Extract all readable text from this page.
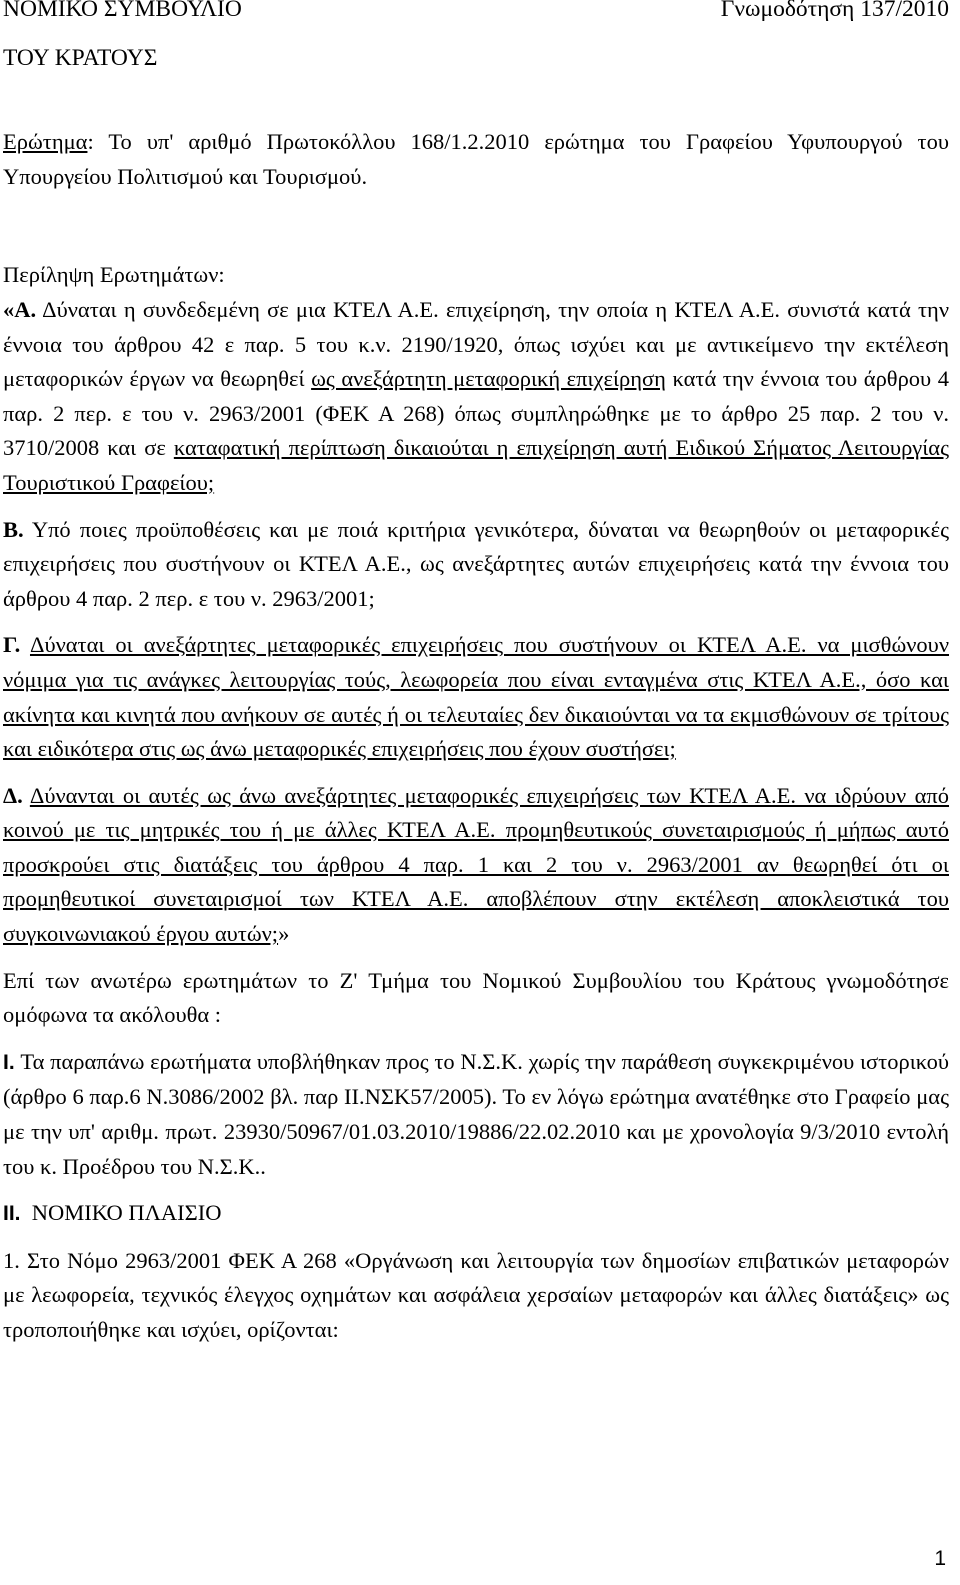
ΝΟΜΙΚΟ ΣΥΜΒΟΥΛΙΟ	Γνωμοδότηση 137/2010
ΤΟΥ ΚΡΑΤΟΥΣ

Ερώτημα: Το υπ' αριθμό Πρωτοκόλλου 168/1.2.2010 ερώτημα του Γραφείου Υφυπουργού του Υπουργείου Πολιτισμού και Τουρισμού.

Περίληψη Ερωτημάτων:

«Α. Δύναται η συνδεδεμένη σε μια ΚΤΕΛ Α.Ε. επιχείρηση, την οποία η ΚΤΕΛ Α.Ε. συνιστά κατά την έννοια του άρθρου 42 ε παρ. 5 του κ.ν. 2190/1920, όπως ισχύει και με αντικείμενο την εκτέλεση μεταφορικών έργων να θεωρηθεί ως ανεξάρτητη μεταφορική επιχείρηση κατά την έννοια του άρθρου 4 παρ. 2 περ. ε του ν. 2963/2001 (ΦΕΚ Α 268) όπως συμπληρώθηκε με το άρθρο 25 παρ. 2 του ν. 3710/2008 και σε καταφατική περίπτωση δικαιούται η επιχείρηση αυτή Ειδικού Σήματος Λειτουργίας Τουριστικού Γραφείου;

Β. Υπό ποιες προϋποθέσεις και με ποιά κριτήρια γενικότερα, δύναται να θεωρηθούν οι μεταφορικές επιχειρήσεις που συστήνουν οι ΚΤΕΛ Α.Ε., ως ανεξάρτητες αυτών επιχειρήσεις κατά την έννοια του άρθρου 4 παρ. 2 περ. ε του ν. 2963/2001;

Γ. Δύναται οι ανεξάρτητες μεταφορικές επιχειρήσεις που συστήνουν οι ΚΤΕΛ Α.Ε. να μισθώνουν νόμιμα για τις ανάγκες λειτουργίας τούς, λεωφορεία που είναι ενταγμένα στις ΚΤΕΛ Α.Ε., όσο και ακίνητα και κινητά που ανήκουν σε αυτές ή οι τελευταίες δεν δικαιούνται να τα εκμισθώνουν σε τρίτους και ειδικότερα στις ως άνω μεταφορικές επιχειρήσεις που έχουν συστήσει;

Δ. Δύνανται οι αυτές ως άνω ανεξάρτητες μεταφορικές επιχειρήσεις των ΚΤΕΛ Α.Ε. να ιδρύουν από κοινού με τις μητρικές του ή με άλλες ΚΤΕΛ Α.Ε. προμηθευτικούς συνεταιρισμούς ή μήπως αυτό προσκρούει στις διατάξεις του άρθρου 4 παρ. 1 και 2 του ν. 2963/2001 αν θεωρηθεί ότι οι προμηθευτικοί συνεταιρισμοί των ΚΤΕΛ Α.Ε. αποβλέπουν στην εκτέλεση αποκλειστικά του συγκοινωνιακού έργου αυτών;»

Επί των ανωτέρω ερωτημάτων το Ζ' Τμήμα του Νομικού Συμβουλίου του Κράτους γνωμοδότησε ομόφωνα τα ακόλουθα :

I. Τα παραπάνω ερωτήματα υποβλήθηκαν προς το Ν.Σ.Κ. χωρίς την παράθεση συγκεκριμένου ιστορικού (άρθρο 6 παρ.6 Ν.3086/2002 βλ. παρ ΙΙ.ΝΣΚ57/2005). Το εν λόγω ερώτημα ανατέθηκε στο Γραφείο μας με την υπ' αριθμ. πρωτ. 23930/50967/01.03.2010/19886/22.02.2010 και με χρονολογία 9/3/2010 εντολή του κ. Προέδρου του Ν.Σ.Κ..

II. ΝΟΜΙΚΟ ΠΛΑΙΣΙΟ

1. Στο Νόμο 2963/2001 ΦΕΚ Α 268 «Οργάνωση και λειτουργία των δημοσίων επιβατικών μεταφορών με λεωφορεία, τεχνικός έλεγχος οχημάτων και ασφάλεια χερσαίων μεταφορών και άλλες διατάξεις» ως τροποποιήθηκε και ισχύει, ορίζονται:

1
